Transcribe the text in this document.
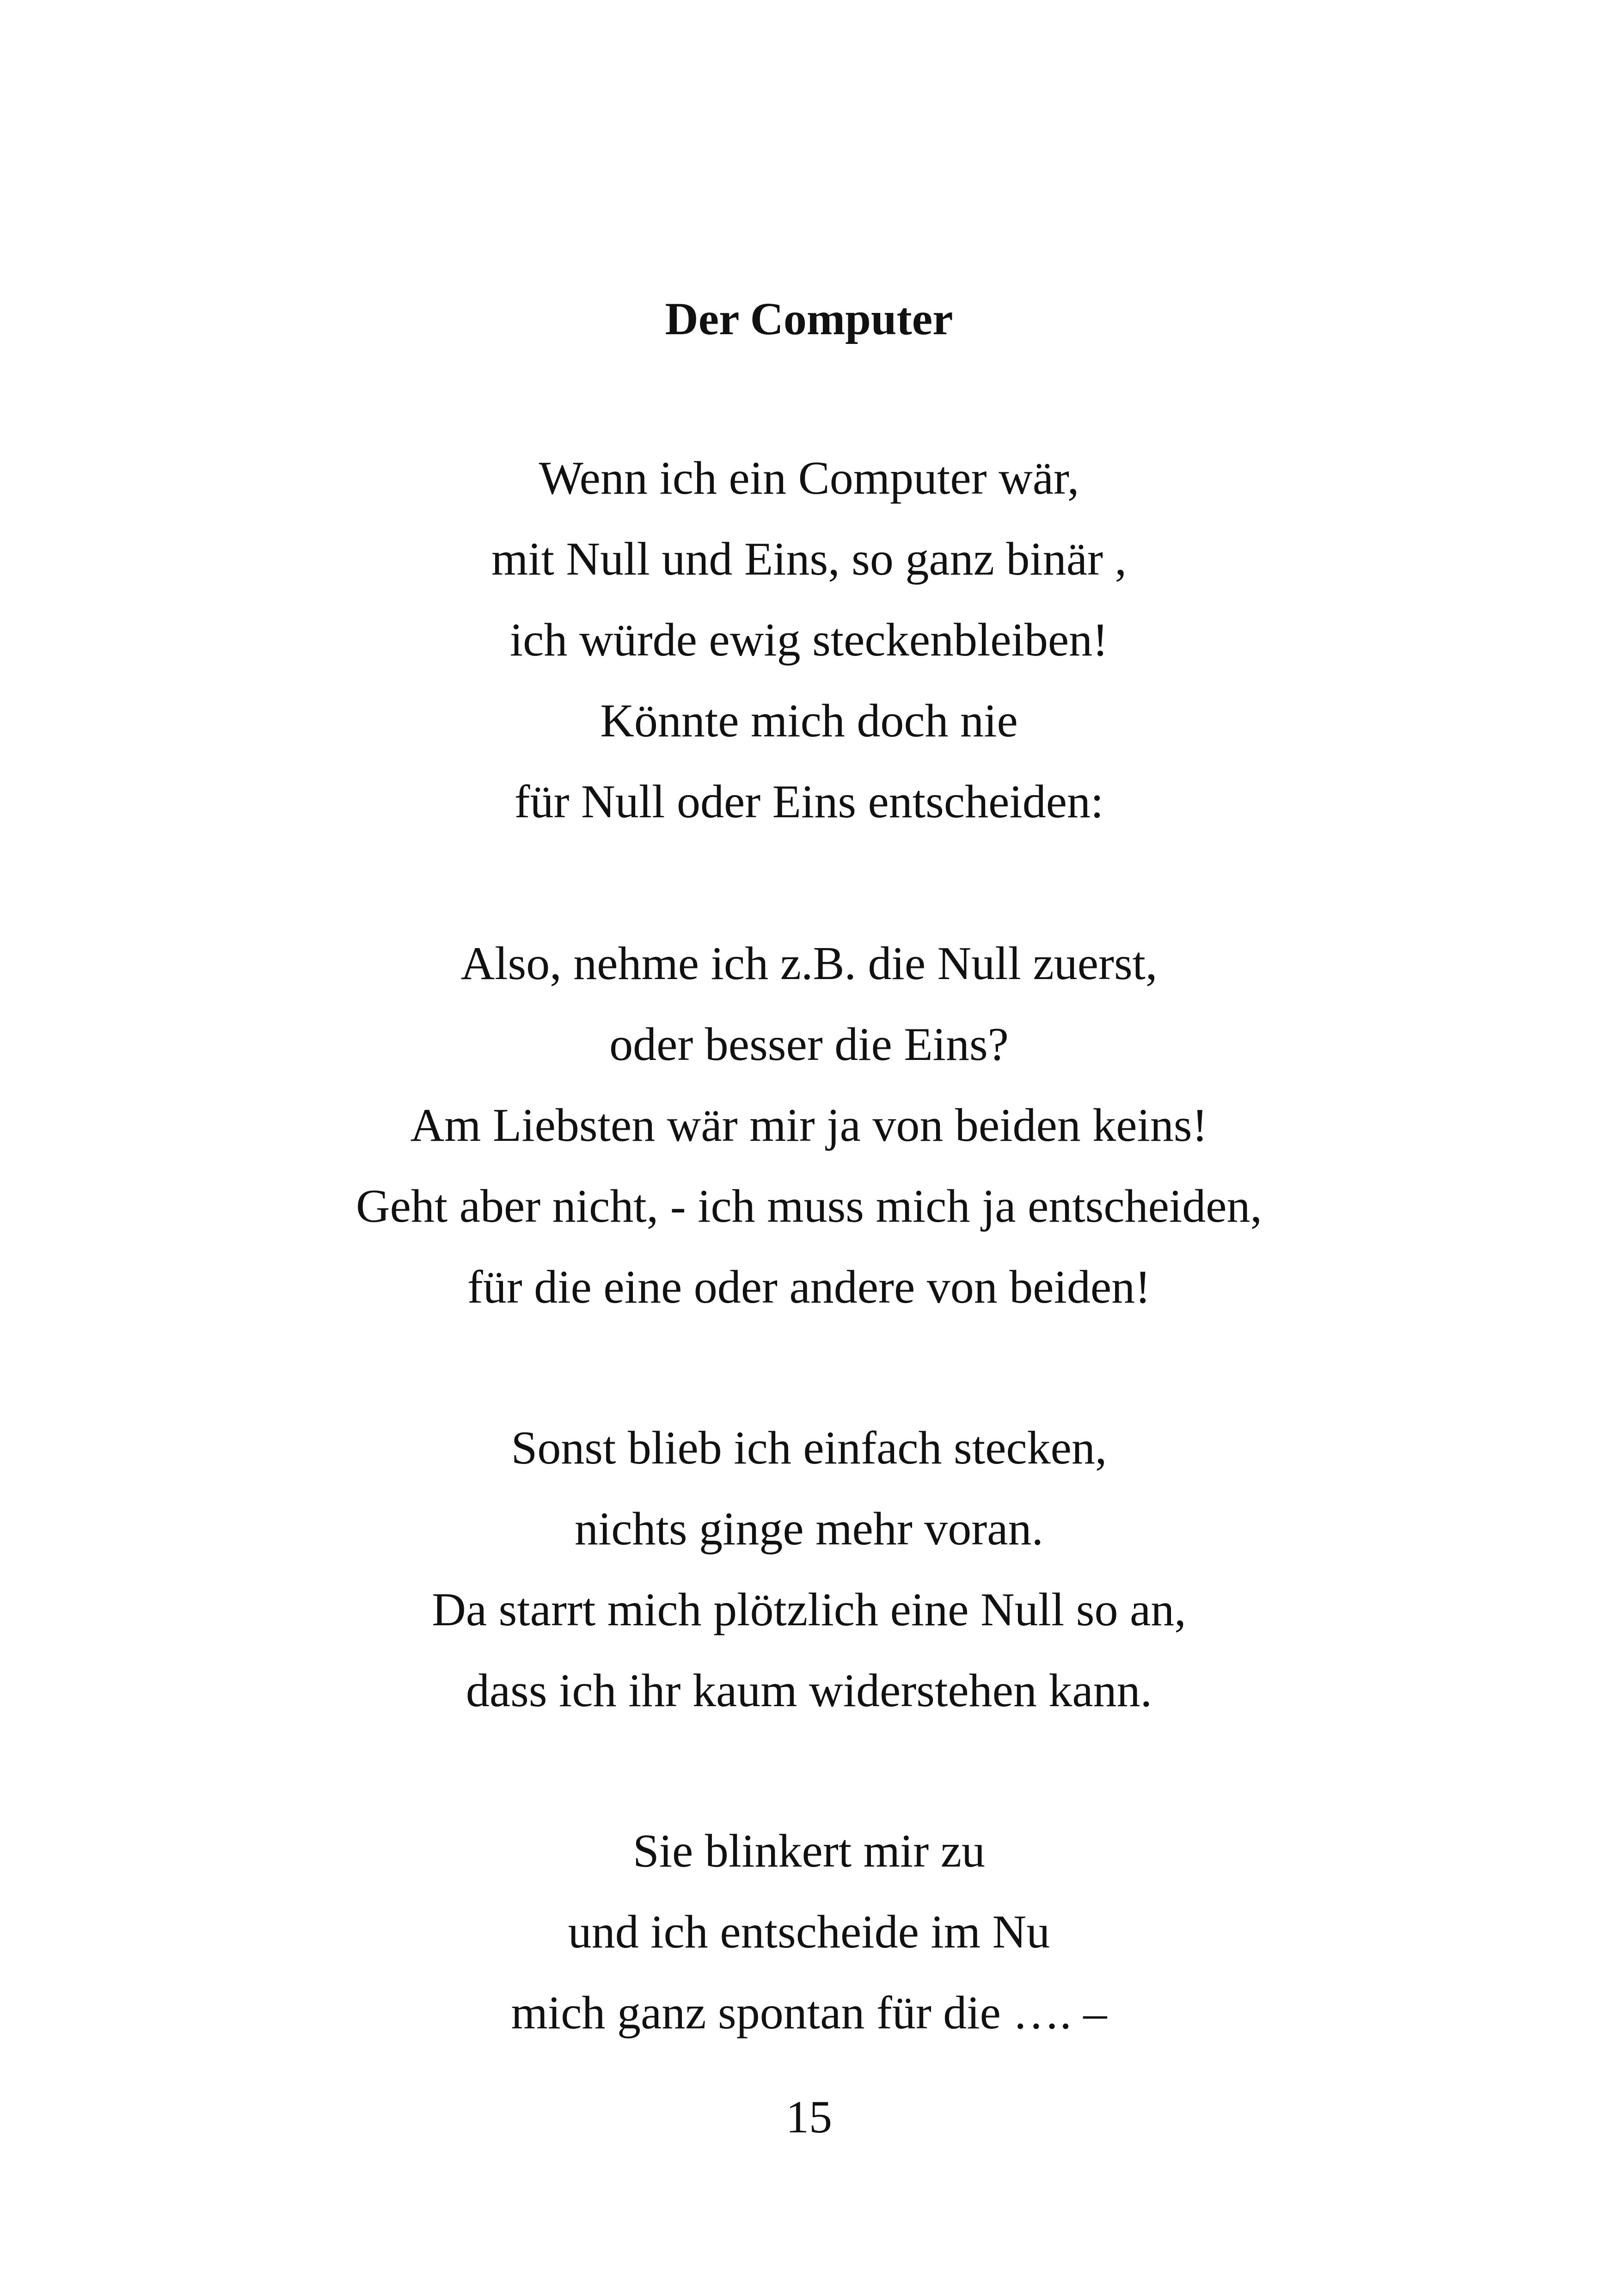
Der Computer
Wenn ich ein Computer wär,
mit Null und Eins, so ganz binär ,
ich würde ewig steckenbleiben!
Könnte mich doch nie
für Null oder Eins entscheiden:
Also, nehme ich z.B. die Null zuerst,
oder besser die Eins?
Am Liebsten wär mir ja von beiden keins!
Geht aber nicht, - ich muss mich ja entscheiden,
für die eine oder andere von beiden!
Sonst blieb ich einfach stecken,
nichts ginge mehr voran.
Da starrt mich plötzlich eine Null so an,
dass ich ihr kaum widerstehen kann.
Sie blinkert mir zu
und ich entscheide im Nu
mich ganz spontan für die …. –
15
